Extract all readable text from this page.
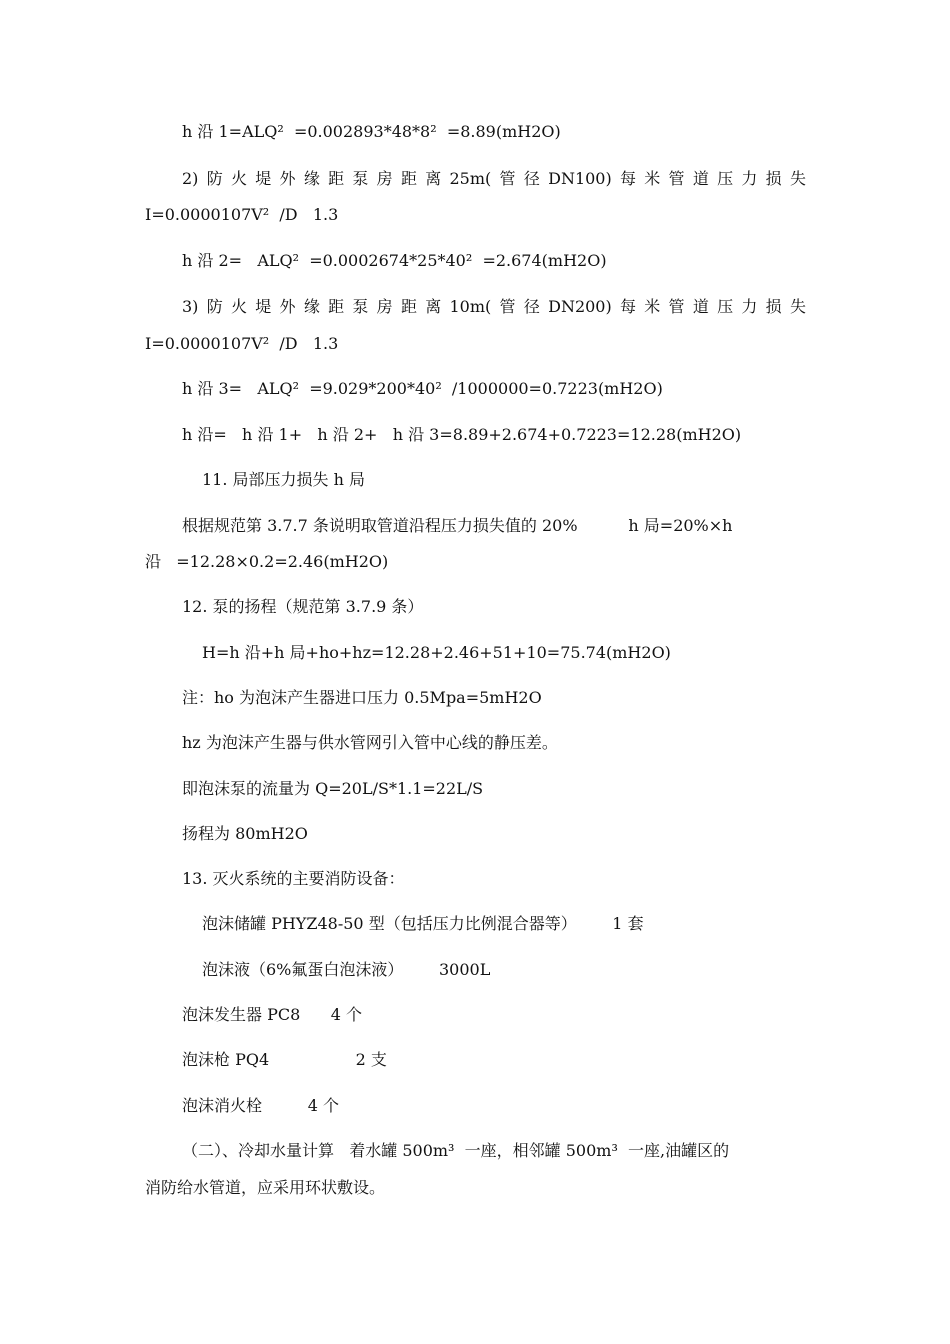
h 沿 1=ALQ²  =0.002893*48*8²  =8.89(mH2O)
2) 防 火 堤 外 缘 距 泵 房 距 离 25m( 管 径 DN100) 每 米 管 道 压 力 损 失
I=0.0000107V²  /D   1.3
h 沿 2=   ALQ²  =0.0002674*25*40²  =2.674(mH2O)
3) 防 火 堤 外 缘 距 泵 房 距 离 10m( 管 径 DN200) 每 米 管 道 压 力 损 失
I=0.0000107V²  /D   1.3
h 沿 3=   ALQ²  =9.029*200*40²  /1000000=0.7223(mH2O)
h 沿=   h 沿 1+   h 沿 2+   h 沿 3=8.89+2.674+0.7223=12.28(mH2O)
11. 局部压力损失 h 局
根据规范第 3.7.7 条说明取管道沿程压力损失值的 20%          h 局=20%×h
沿   =12.28×0.2=2.46(mH2O)
12. 泵的扬程（规范第 3.7.9 条）
H=h 沿+h 局+ho+hz=12.28+2.46+51+10=75.74(mH2O)
注：ho 为泡沫产生器进口压力 0.5Mpa=5mH2O
hz 为泡沫产生器与供水管网引入管中心线的静压差。
即泡沫泵的流量为 Q=20L/S*1.1=22L/S
扬程为 80mH2O
13. 灭火系统的主要消防设备：
泡沫储罐 PHYZ48-50 型（包括压力比例混合器等）       1 套
泡沫液（6%氟蛋白泡沫液）       3000L
泡沫发生器 PC8      4 个
泡沫枪 PQ4                 2 支
泡沫消火栓         4 个
（二）、冷却水量计算   着水罐 500m³  一座，相邻罐 500m³  一座,油罐区的
消防给水管道，应采用环状敷设。
